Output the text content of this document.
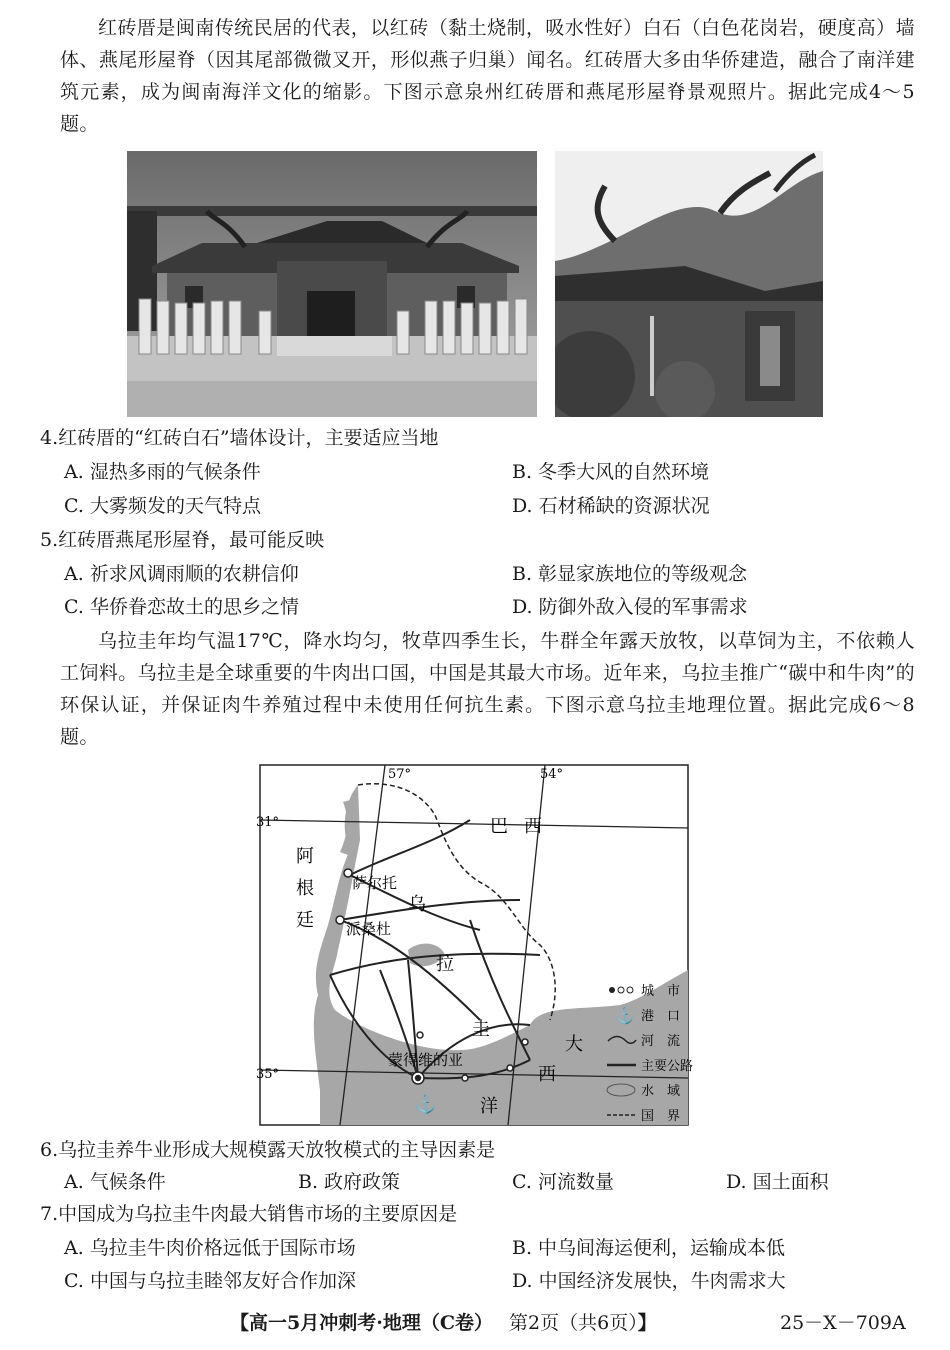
红砖厝是闽南传统民居的代表，以红砖（黏土烧制，吸水性好）白石（白色花岗岩，硬度高）墙体、燕尾形屋脊（因其尾部微微叉开，形似燕子归巢）闻名。红砖厝大多由华侨建造，融合了南洋建筑元素，成为闽南海洋文化的缩影。下图示意泉州红砖厝和燕尾形屋脊景观照片。据此完成4～5题。

4.红砖厝的“红砖白石”墙体设计，主要适应当地

A. 湿热多雨的气候条件	B. 冬季大风的自然环境
C. 大雾频发的天气特点	D. 石材稀缺的资源状况

5.红砖厝燕尾形屋脊，最可能反映

A. 祈求风调雨顺的农耕信仰	B. 彰显家族地位的等级观念
C. 华侨眷恋故土的思乡之情	D. 防御外敌入侵的军事需求

乌拉圭年均气温17℃，降水均匀，牧草四季生长，牛群全年露天放牧，以草饲为主，不依赖人工饲料。乌拉圭是全球重要的牛肉出口国，中国是其最大市场。近年来，乌拉圭推广“碳中和牛肉”的环保认证，并保证肉牛养殖过程中未使用任何抗生素。下图示意乌拉圭地理位置。据此完成6～8题。

⚓
57°	54°
31°
35°
巴 西
阿
根
廷
乌
拉
圭
大
西
洋
萨尔托
派桑杜
蒙得维的亚
城　市
⚓ 港　口
河　流
主要公路
水　域
国　界

6.乌拉圭养牛业形成大规模露天放牧模式的主导因素是

A. 气候条件	B. 政府政策	C. 河流数量	D. 国土面积

7.中国成为乌拉圭牛肉最大销售市场的主要原因是

A. 乌拉圭牛肉价格远低于国际市场	B. 中乌间海运便利，运输成本低
C. 中国与乌拉圭睦邻友好合作加深	D. 中国经济发展快，牛肉需求大
【高一5月冲刺考·地理（C卷） 第2页（共6页）】	25－X－709A
